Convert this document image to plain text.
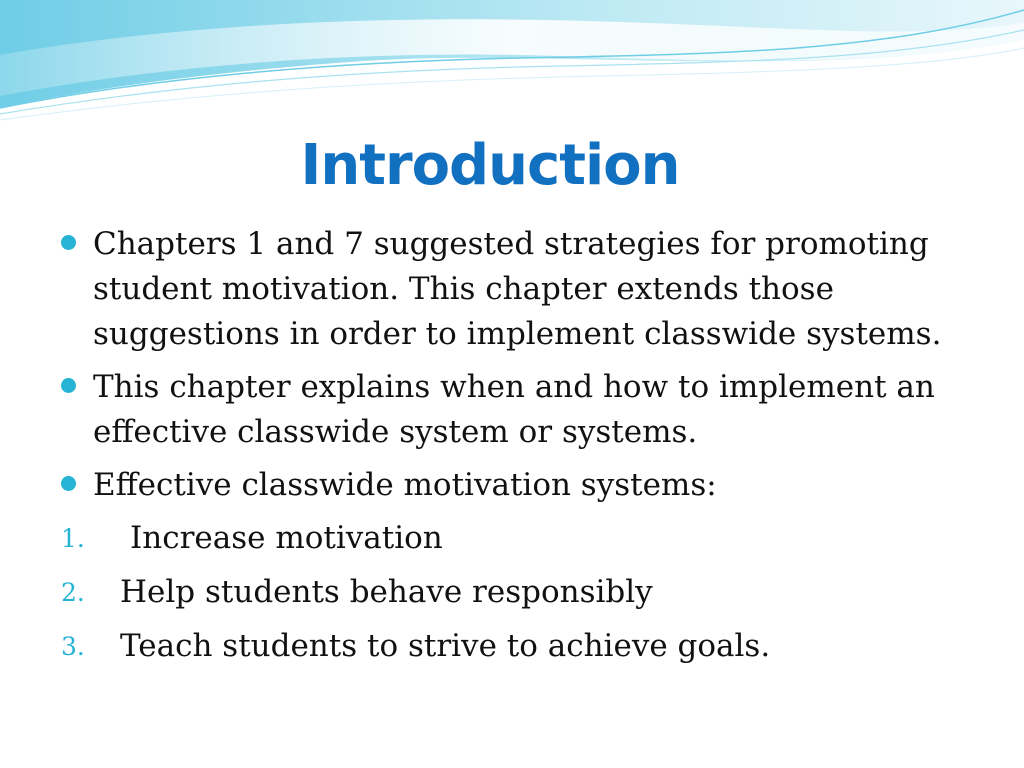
Introduction
Chapters 1 and 7 suggested strategies for promoting student motivation. This chapter extends those suggestions in order to implement classwide systems.
This chapter explains when and how to implement an effective classwide system or systems.
Effective classwide motivation systems:
1. Increase motivation
2. Help students behave responsibly
3. Teach students to strive to achieve goals.
